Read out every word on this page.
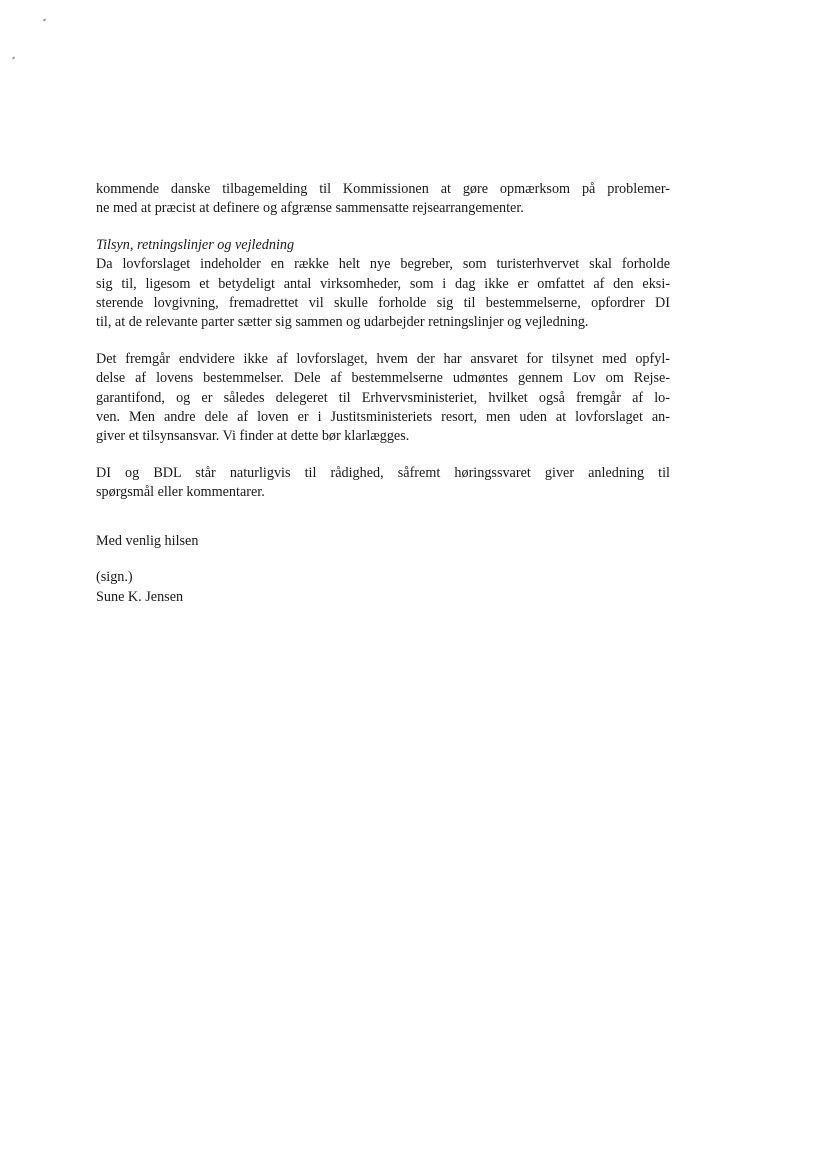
kommende danske tilbagemelding til Kommissionen at gøre opmærksom på problemer-
ne med at præcist at definere og afgrænse sammensatte rejsearrangementer.
Tilsyn, retningslinjer og vejledning
Da lovforslaget indeholder en række helt nye begreber, som turisterhvervet skal forholde
sig til, ligesom et betydeligt antal virksomheder, som i dag ikke er omfattet af den eksi-
sterende lovgivning, fremadrettet vil skulle forholde sig til bestemmelserne, opfordrer DI
til, at de relevante parter sætter sig sammen og udarbejder retningslinjer og vejledning.
Det fremgår endvidere ikke af lovforslaget, hvem der har ansvaret for tilsynet med opfyl-
delse af lovens bestemmelser. Dele af bestemmelserne udmøntes gennem Lov om Rejse-
garantifond, og er således delegeret til Erhvervsministeriet, hvilket også fremgår af lo-
ven. Men andre dele af loven er i Justitsministeriets resort, men uden at lovforslaget an-
giver et tilsynsansvar. Vi finder at dette bør klarlægges.
DI og BDL står naturligvis til rådighed, såfremt høringssvaret giver anledning til
spørgsmål eller kommentarer.
Med venlig hilsen
(sign.)
Sune K. Jensen
